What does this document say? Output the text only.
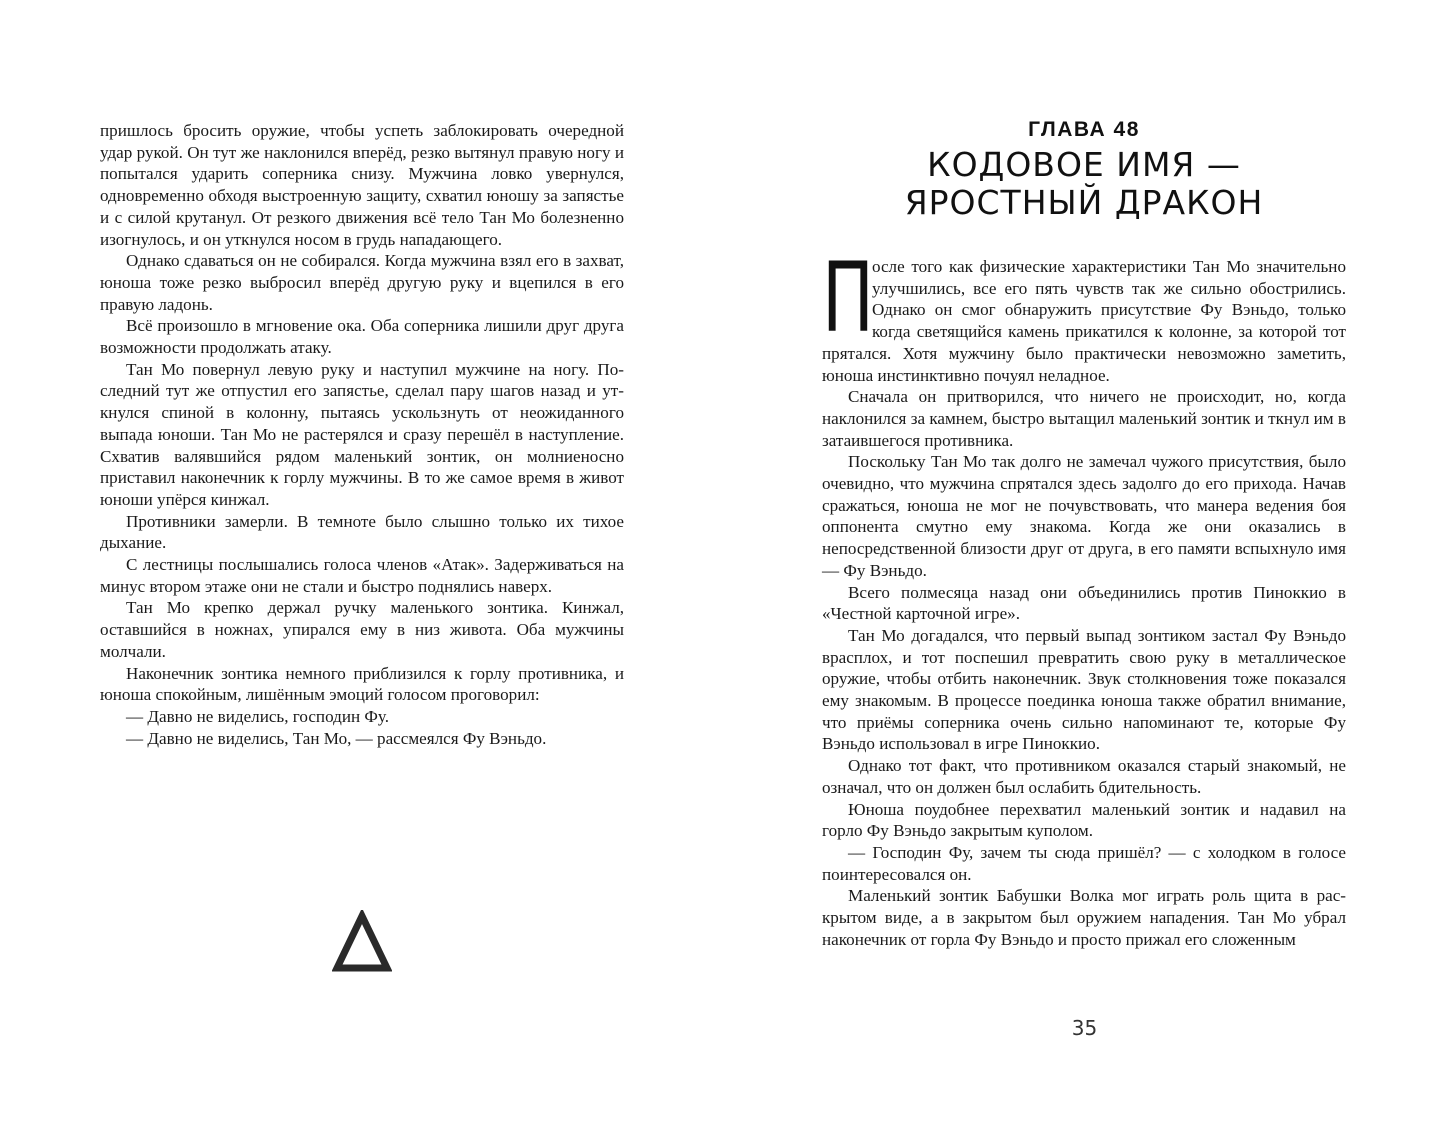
пришлось бросить оружие, чтобы успеть заблокировать очередной удар рукой. Он тут же наклонился вперёд, резко вытянул правую ногу и попытался ударить соперника снизу. Мужчина ловко увернулся, одновременно обходя выстроенную защиту, схватил юношу за запястье и с силой крутанул. От резкого движения всё тело Тан Мо болезненно изогнулось, и он уткнулся носом в грудь нападающего.

Однако сдаваться он не собирался. Когда мужчина взял его в захват, юноша тоже резко выбросил вперёд другую руку и вцепился в его правую ладонь.

Всё произошло в мгновение ока. Оба соперника лишили друг друга возможности продолжать атаку.

Тан Мо повернул левую руку и наступил мужчине на ногу. Последний тут же отпустил его запястье, сделал пару шагов назад и уткнулся спиной в колонну, пытаясь ускользнуть от неожиданного выпада юноши. Тан Мо не растерялся и сразу перешёл в наступление. Схватив валявшийся рядом маленький зонтик, он молниеносно приставил наконечник к горлу мужчины. В то же самое время в живот юноши упёрся кинжал.

Противники замерли. В темноте было слышно только их тихое дыхание.

С лестницы послышались голоса членов «Атак». Задерживаться на минус втором этаже они не стали и быстро поднялись наверх.

Тан Мо крепко держал ручку маленького зонтика. Кинжал, оставшийся в ножнах, упирался ему в низ живота. Оба мужчины молчали.

Наконечник зонтика немного приблизился к горлу противника, и юноша спокойным, лишённым эмоций голосом проговорил:

— Давно не виделись, господин Фу.

— Давно не виделись, Тан Мо, — рассмеялся Фу Вэньдо.

ГЛАВА 48
КОДОВОЕ ИМЯ —
ЯРОСТНЫЙ ДРАКОН

П
осле того как физические характеристики Тан Мо значительно улучшились, все его пять чувств так же сильно обострились. Однако он смог обнаружить присутствие Фу Вэньдо, только когда светящийся камень прикатился к колонне, за которой тот прятался. Хотя мужчину было практически невозможно заметить, юноша инстинктивно почуял неладное.

Сначала он притворился, что ничего не происходит, но, когда наклонился за камнем, быстро вытащил маленький зонтик и ткнул им в затаившегося противника.

Поскольку Тан Мо так долго не замечал чужого присутствия, было очевидно, что мужчина спрятался здесь задолго до его прихода. Начав сражаться, юноша не мог не почувствовать, что манера ведения боя оппонента смутно ему знакома. Когда же они оказались в непосредственной близости друг от друга, в его памяти вспыхнуло имя — Фу Вэньдо.

Всего полмесяца назад они объединились против Пиноккио в «Честной карточной игре».

Тан Мо догадался, что первый выпад зонтиком застал Фу Вэньдо врасплох, и тот поспешил превратить свою руку в металлическое оружие, чтобы отбить наконечник. Звук столкновения тоже показался ему знакомым. В процессе поединка юноша также обратил внимание, что приёмы соперника очень сильно напоминают те, которые Фу Вэньдо использовал в игре Пиноккио.

Однако тот факт, что противником оказался старый знакомый, не означал, что он должен был ослабить бдительность.

Юноша поудобнее перехватил маленький зонтик и надавил на горло Фу Вэньдо закрытым куполом.

— Господин Фу, зачем ты сюда пришёл? — с холодком в голосе поинтересовался он.

Маленький зонтик Бабушки Волка мог играть роль щита в раскрытом виде, а в закрытом был оружием нападения. Тан Мо убрал наконечник от горла Фу Вэньдо и просто прижал его сложенным

35
